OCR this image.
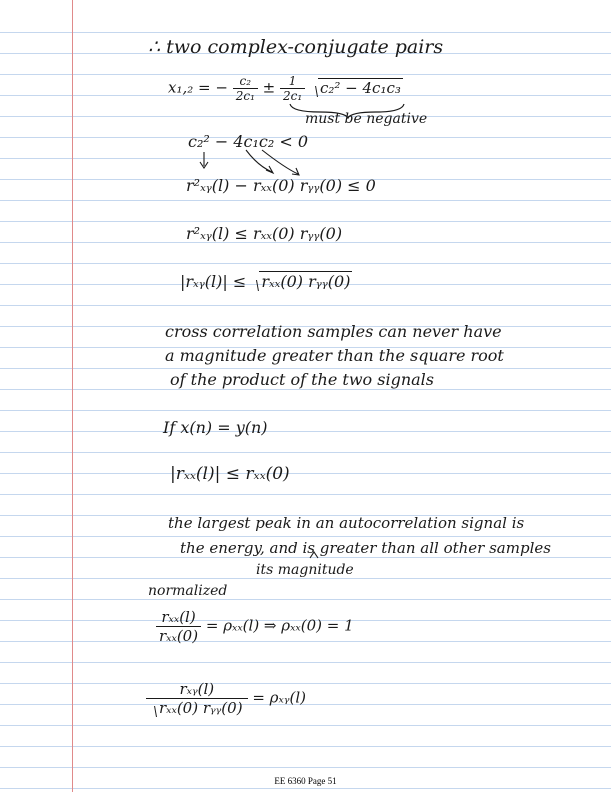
∴ two complex-conjugate pairs
x₁,₂ = − $\frac{\text{c₂}}{\text{2c₁}} \pm \frac{1}{\text{2c₁}} c_2^2 - 4c_1c_3$
must be negative
c₂² − 4c₁c₂ < 0
r²ₓᵧ(l) − rₓₓ(0) rᵧᵧ(0) ≤ 0
r²ₓᵧ(l) ≤ rₓₓ(0) rᵧᵧ(0)
|rₓᵧ(l)| ≤ rₓₓ(0) rᵧᵧ(0)
cross correlation samples can never have
a magnitude greater than the square root
of the product of the two signals
If x(n) = y(n)
|rₓₓ(l)| ≤ rₓₓ(0)
the largest peak in an autocorrelation signal is
the energy, and is greater than all other samples
its magnitude
normalized
$\frac{\text{rₓₓ(l)}}{\text{rₓₓ(0)}} = \rho_{xx}(l)$ ⇒ ρₓₓ(0) = 1
$\frac{\text{rₓᵧ(l)}}{\text{rₓₓ(0) rᵧᵧ(0)}}$ = ρₓᵧ(l)
EE 6360 Page 51
